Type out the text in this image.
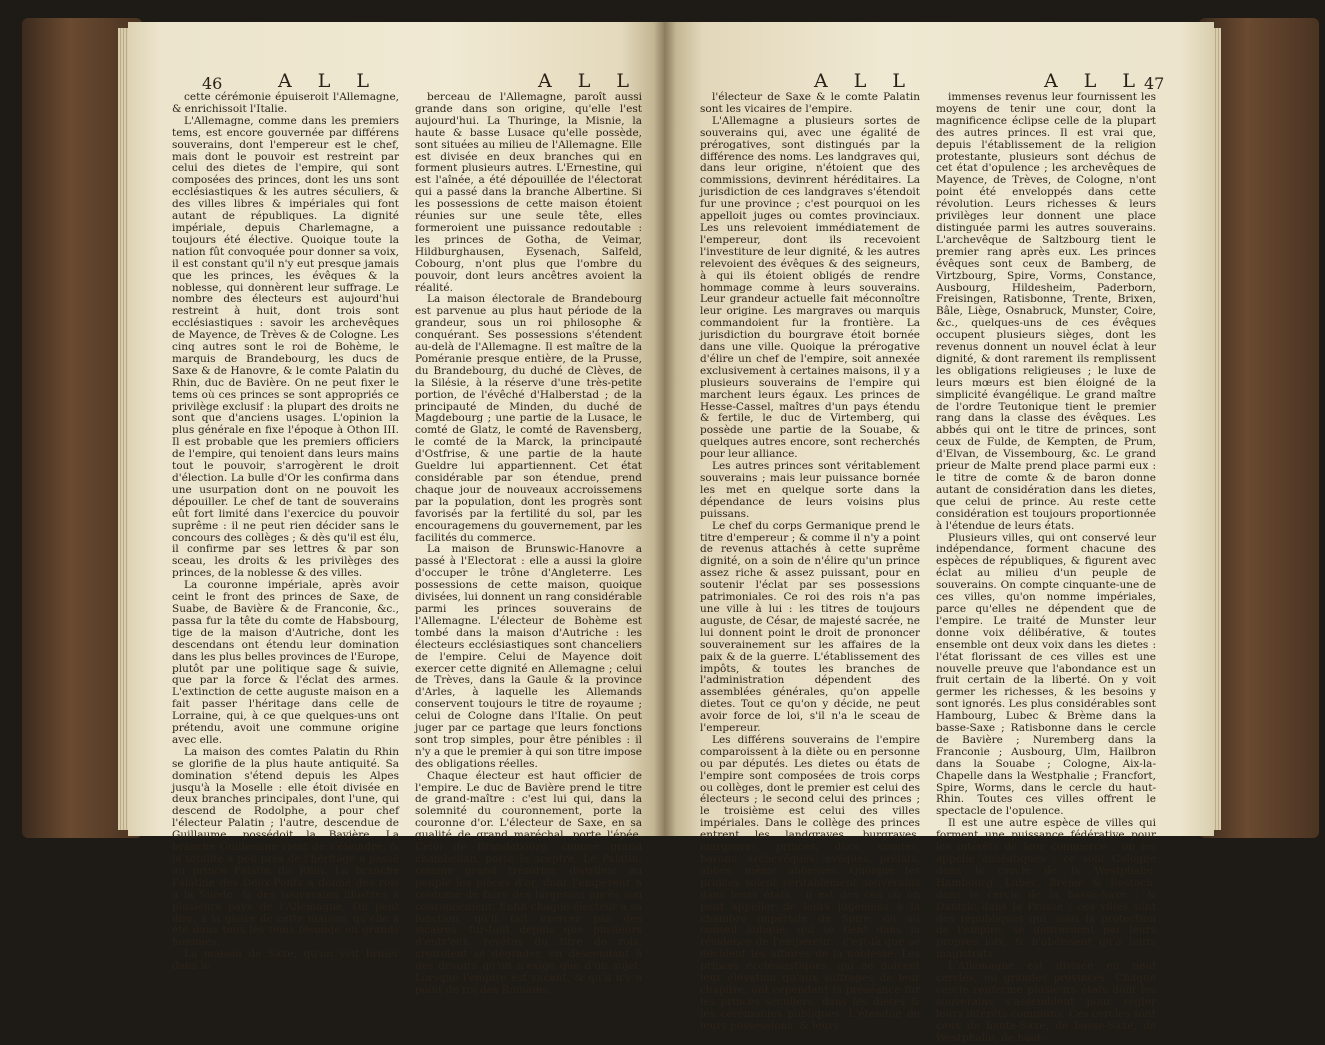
46	A L L	A L L

cette cérémonie épuiseroit l'Allemagne, & enrichissoit l'Italie.

L'Allemagne, comme dans les premiers tems, est encore gouvernée par différens souverains, dont l'empereur est le chef, mais dont le pouvoir est restreint par celui des dietes de l'empire, qui sont composées des princes, dont les uns sont ecclésiastiques & les autres séculiers, & des villes libres & impériales qui font autant de républiques. La dignité impériale, depuis Charlemagne, a toujours été élective. Quoique toute la nation fût convoquée pour donner sa voix, il est constant qu'il n'y eut presque jamais que les princes, les évêques & la noblesse, qui donnèrent leur suffrage. Le nombre des électeurs est aujourd'hui restreint à huit, dont trois sont ecclésiastiques : savoir les archevêques de Mayence, de Trèves & de Cologne. Les cinq autres sont le roi de Bohème, le marquis de Brandebourg, les ducs de Saxe & de Hanovre, & le comte Palatin du Rhin, duc de Bavière. On ne peut fixer le tems où ces princes se sont appropriés ce privilège exclusif : la plupart des droits ne sont que d'anciens usages. L'opinion la plus générale en fixe l'époque à Othon III. Il est probable que les premiers officiers de l'empire, qui tenoient dans leurs mains tout le pouvoir, s'arrogèrent le droit d'élection. La bulle d'Or les confirma dans une usurpation dont on ne pouvoit les dépouiller. Le chef de tant de souverains eût fort limité dans l'exercice du pouvoir suprême : il ne peut rien décider sans le concours des collèges ; & dès qu'il est élu, il confirme par ses lettres & par son sceau, les droits & les privilèges des princes, de la noblesse & des villes.

La couronne impériale, après avoir ceint le front des princes de Saxe, de Suabe, de Bavière & de Franconie, &c., passa fur la tête du comte de Habsbourg, tige de la maison d'Autriche, dont les descendans ont étendu leur domination dans les plus belles provinces de l'Europe, plutôt par une politique sage & suivie, que par la force & l'éclat des armes. L'extinction de cette auguste maison en a fait passer l'héritage dans celle de Lorraine, qui, à ce que quelques-uns ont prétendu, avoit une commune origine avec elle.

La maison des comtes Palatin du Rhin se glorifie de la plus haute antiquité. Sa domination s'étend depuis les Alpes jusqu'à la Moselle : elle étoit divisée en deux branches principales, dont l'une, qui descend de Rodolphe, a pour chef l'électeur Palatin ; l'autre, descendue de Guillaume, possédoit la Bavière. La branche Guillemine vient de s'éteindre, & la totalité a peu près de l'héritage a passé au prince Palatin du Rhin. La branche Palatine des Deux-Ponts a donné des rois à la Suède, & des souverains illustres à plusieurs pays de l'Allemagne. On peut dire, à la gloire de cette maison, qu'elle a été dans tous les tems féconde en grands hommes.

La maison de Saxe, qu'on voit briller dans le

berceau de l'Allemagne, paroît aussi grande dans son origine, qu'elle l'est aujourd'hui. La Thuringe, la Misnie, la haute & basse Lusace qu'elle possède, sont situées au milieu de l'Allemagne. Elle est divisée en deux branches qui en forment plusieurs autres. L'Ernestine, qui est l'aînée, a été dépouillée de l'électorat qui a passé dans la branche Albertine. Si les possessions de cette maison étoient réunies sur une seule tête, elles formeroient une puissance redoutable : les princes de Gotha, de Veimar, Hildburghausen, Eysenach, Salfeld, Cobourg, n'ont plus que l'ombre du pouvoir, dont leurs ancêtres avoient la réalité.

La maison électorale de Brandebourg est parvenue au plus haut période de la grandeur, sous un roi philosophe & conquérant. Ses possessions s'étendent au-delà de l'Allemagne. Il est maître de la Poméranie presque entière, de la Prusse, du Brandebourg, du duché de Clèves, de la Silésie, à la réserve d'une très-petite portion, de l'évêché d'Halberstad ; de la principauté de Minden, du duché de Magdebourg ; une partie de la Lusace, le comté de Glatz, le comté de Ravensberg, le comté de la Marck, la principauté d'Ostfrise, & une partie de la haute Gueldre lui appartiennent. Cet état considérable par son étendue, prend chaque jour de nouveaux accroissemens par la population, dont les progrès sont favorisés par la fertilité du sol, par les encouragemens du gouvernement, par les facilités du commerce.

La maison de Brunswic-Hanovre a passé à l'Electorat : elle a aussi la gloire d'occuper le trône d'Angleterre. Les possessions de cette maison, quoique divisées, lui donnent un rang considérable parmi les princes souverains de l'Allemagne. L'électeur de Bohème est tombé dans la maison d'Autriche : les électeurs ecclésiastiques sont chanceliers de l'empire. Celui de Mayence doit exercer cette dignité en Allemagne ; celui de Trèves, dans la Gaule & la province d'Arles, à laquelle les Allemands conservent toujours le titre de royaume ; celui de Cologne dans l'Italie. On peut juger par ce partage que leurs fonctions sont trop simples, pour être pénibles : il n'y a que le premier à qui son titre impose des obligations réelles.

Chaque électeur est haut officier de l'empire. Le duc de Bavière prend le titre de grand-maître : c'est lui qui, dans la solemnité du couronnement, porte la couronne d'or. L'électeur de Saxe, en sa qualité de grand maréchal, porte l'épée. Celui de Brandebourg, comme grand chambellan, porte le sceptre. Le Palatin, comme grand trésorier, distribue au peuple les pièces d'or, dont l'empereur a coutume de faire des largesses après son couronnement. Enfin chaque électeur a sa fonction, qu'il fait exercer par des vicaires, fur-tout depuis que plusieurs d'entr'eux, revêtus du titre de rois, croiroient se dégrader, en descendant à des devoirs qu'on n'exige que d'un sujet. Lorsque l'empire est vacant, & qu'il n'y a point de roi des Romains,

A L L	A L L
47

l'électeur de Saxe & le comte Palatin sont les vicaires de l'empire.

L'Allemagne a plusieurs sortes de souverains qui, avec une égalité de prérogatives, sont distingués par la différence des noms. Les landgraves qui, dans leur origine, n'étoient que des commissions, devinrent héréditaires. La jurisdiction de ces landgraves s'étendoit fur une province ; c'est pourquoi on les appelloit juges ou comtes provinciaux. Les uns relevoient immédiatement de l'empereur, dont ils recevoient l'investiture de leur dignité, & les autres relevoient des évêques & des seigneurs, à qui ils étoient obligés de rendre hommage comme à leurs souverains. Leur grandeur actuelle fait méconnoître leur origine. Les margraves ou marquis commandoient fur la frontière. La jurisdiction du bourgrave étoit bornée dans une ville. Quoique la prérogative d'élire un chef de l'empire, soit annexée exclusivement à certaines maisons, il y a plusieurs souverains de l'empire qui marchent leurs égaux. Les princes de Hesse-Cassel, maîtres d'un pays étendu & fertile, le duc de Virtemberg, qui possède une partie de la Souabe, & quelques autres encore, sont recherchés pour leur alliance.

Les autres princes sont véritablement souverains ; mais leur puissance bornée les met en quelque sorte dans la dépendance de leurs voisins plus puissans.

Le chef du corps Germanique prend le titre d'empereur ; & comme il n'y a point de revenus attachés à cette suprême dignité, on a soin de n'élire qu'un prince assez riche & assez puissant, pour en soutenir l'éclat par ses possessions patrimoniales. Ce roi des rois n'a pas une ville à lui : les titres de toujours auguste, de César, de majesté sacrée, ne lui donnent point le droit de prononcer souverainement sur les affaires de la paix & de la guerre. L'établissement des impôts, & toutes les branches de l'administration dépendent des assemblées générales, qu'on appelle dietes. Tout ce qu'on y décide, ne peut avoir force de loi, s'il n'a le sceau de l'empereur.

Les différens souverains de l'empire comparoissent à la diète ou en personne ou par députés. Les dietes ou états de l'empire sont composées de trois corps ou collèges, dont le premier est celui des électeurs ; le second celui des princes ; le troisième est celui des villes impériales. Dans le collège des princes entrent les landgraves, burgraves, margraves, princes, ducs, comtes, barons, archevêques, évêques, prélats, abbés, même abbesses. Quoique les princes soient véritablement souverains dans leurs états ; il est des cas où on peut appeller de leurs jugemens à la chambre impériale de Spire, ou au conseil aulique, qui se tient dans la résidence de l'empereur : c'est-là que se décident les affaires de la noblesse. Les princes ecclésiastiques, qui ne doivent leur élévation qu'aux suffrages de leur chapitre, ont cependant la préséance fur les princes séculiers, dans les dietes & les cérémonies publiques. L'étendue de leurs possessions, & leurs

immenses revenus leur fournissent les moyens de tenir une cour, dont la magnificence éclipse celle de la plupart des autres princes. Il est vrai que, depuis l'établissement de la religion protestante, plusieurs sont déchus de cet état d'opulence ; les archevêques de Mayence, de Trèves, de Cologne, n'ont point été enveloppés dans cette révolution. Leurs richesses & leurs privilèges leur donnent une place distinguée parmi les autres souverains. L'archevêque de Saltzbourg tient le premier rang après eux. Les princes évêques sont ceux de Bamberg, de Virtzbourg, Spire, Vorms, Constance, Ausbourg, Hildesheim, Paderborn, Freisingen, Ratisbonne, Trente, Brixen, Bâle, Liège, Osnabruck, Munster, Coire, &c., quelques-uns de ces évêques occupent plusieurs sièges, dont les revenus donnent un nouvel éclat à leur dignité, & dont rarement ils remplissent les obligations religieuses ; le luxe de leurs mœurs est bien éloigné de la simplicité évangélique. Le grand maître de l'ordre Teutonique tient le premier rang dans la classe des évêques. Les abbés qui ont le titre de princes, sont ceux de Fulde, de Kempten, de Prum, d'Elvan, de Vissembourg, &c. Le grand prieur de Malte prend place parmi eux : le titre de comte & de baron donne autant de considération dans les dietes, que celui de prince. Au reste cette considération est toujours proportionnée à l'étendue de leurs états.

Plusieurs villes, qui ont conservé leur indépendance, forment chacune des espèces de républiques, & figurent avec éclat au milieu d'un peuple de souverains. On compte cinquante-une de ces villes, qu'on nomme impériales, parce qu'elles ne dépendent que de l'empire. Le traité de Munster leur donne voix délibérative, & toutes ensemble ont deux voix dans les dietes : l'état florissant de ces villes est une nouvelle preuve que l'abondance est un fruit certain de la liberté. On y voit germer les richesses, & les besoins y sont ignorés. Les plus considérables sont Hambourg, Lubec & Brème dans la basse-Saxe ; Ratisbonne dans le cercle de Bavière ; Nuremberg dans la Franconie ; Ausbourg, Ulm, Hailbron dans la Souabe ; Cologne, Aix-la-Chapelle dans la Westphalie ; Francfort, Spire, Worms, dans le cercle du haut-Rhin. Toutes ces villes offrent le spectacle de l'opulence.

Il est une autre espèce de villes qui forment une puissance fédérative pour les intérêts de leur commerce : on les appelle anséatiques : ce sont Cologne dans le cercle de la Westphalie, Hambourg, Lubec, Brème & Rostoch, dans le cercle de la basse-Saxe ; & Dantzic dans la Prusse : ces villes sont des républiques qui, sous la protection de l'empire, se gouvernent par leurs propres loix, & n'obéissent qu'à leurs magistrats.

L'Allemagne est divisée en neuf cercles, ou grandes provinces. Chaque cercle renferme plusieurs états dont les souverains s'assemblent pour régler leurs intérêts communs. Ces cercles sont ceux de haute-Saxe, de basse-Saxe, de Westphalie, de haut-
